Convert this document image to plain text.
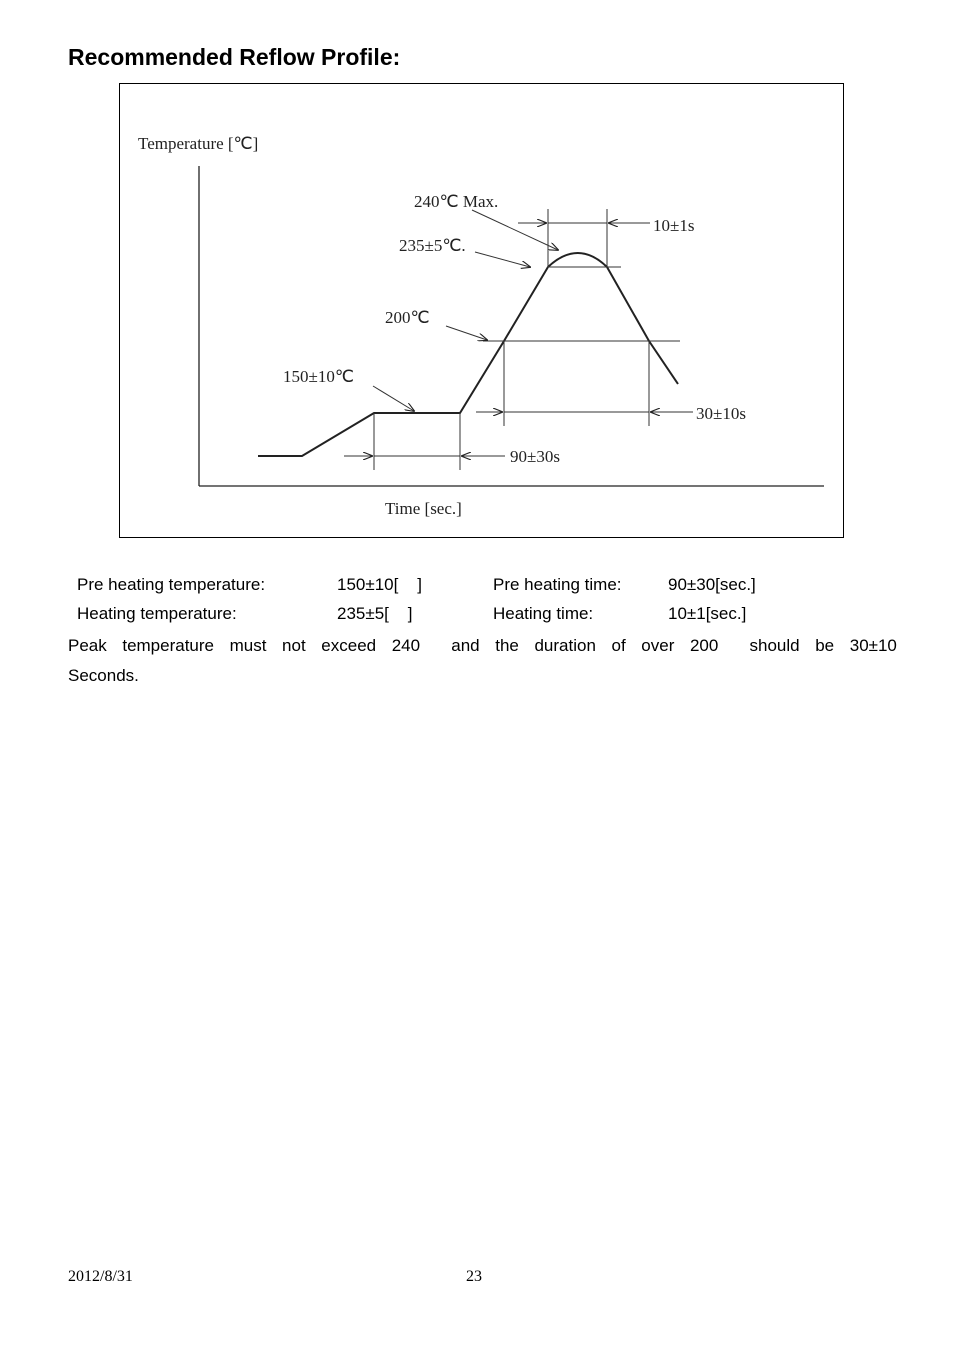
Recommended Reflow Profile:
Temperature [℃]
Time [sec.]
240℃ Max.
235±5℃.
200℃
150±10℃
10±1s
30±10s
90±30s
Pre heating temperature:	150±10[    ]	Pre heating time:	90±30[sec.]
Heating temperature:	235±5[    ]	Heating time:	10±1[sec.]
Peak temperature must not exceed 240 and the duration of over 200 should be 30±10
Seconds.
2012/8/31	23
